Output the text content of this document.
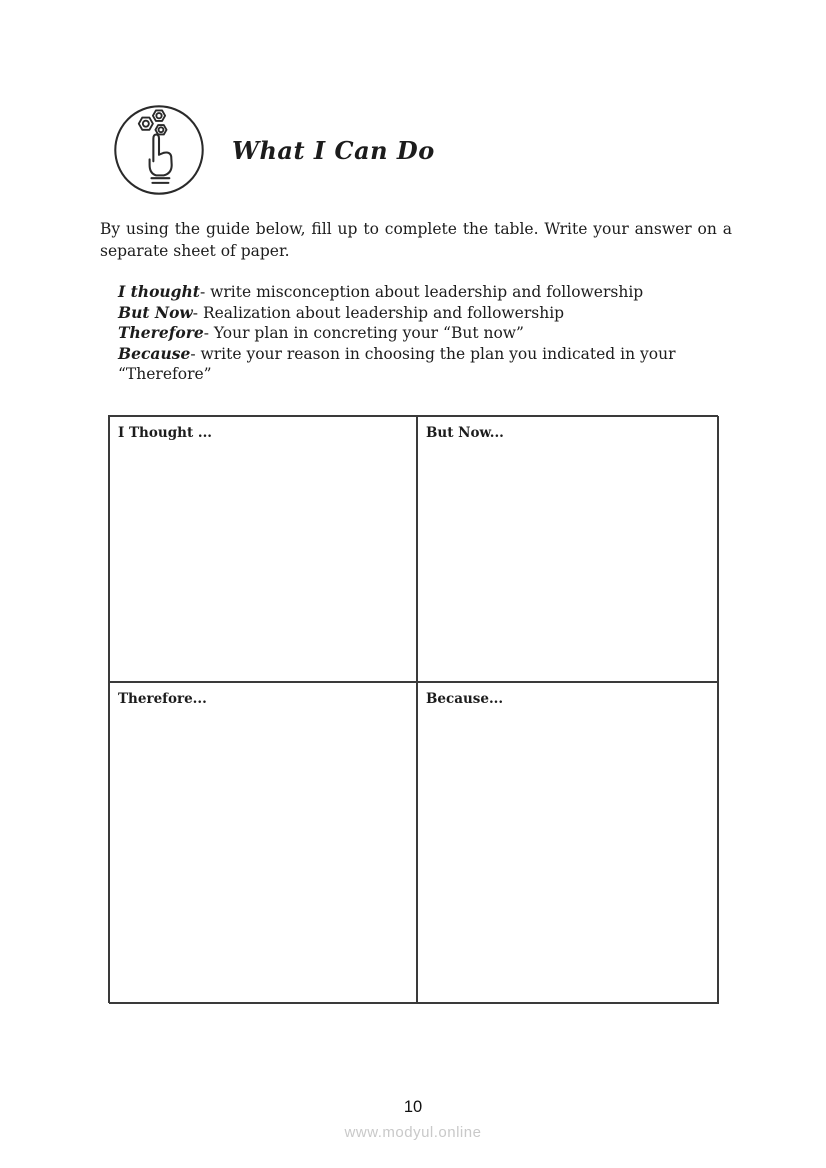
What I Can Do

By using the guide below, fill up to complete the table. Write your answer on a separate sheet of paper.

I thought- write misconception about leadership and followership

But Now- Realization about leadership and followership

Therefore- Your plan in concreting your “But now”

Because- write your reason in choosing the plan you indicated in your “Therefore”

I Thought ...	But Now...
Therefore...	Because...
10
www.modyul.online
